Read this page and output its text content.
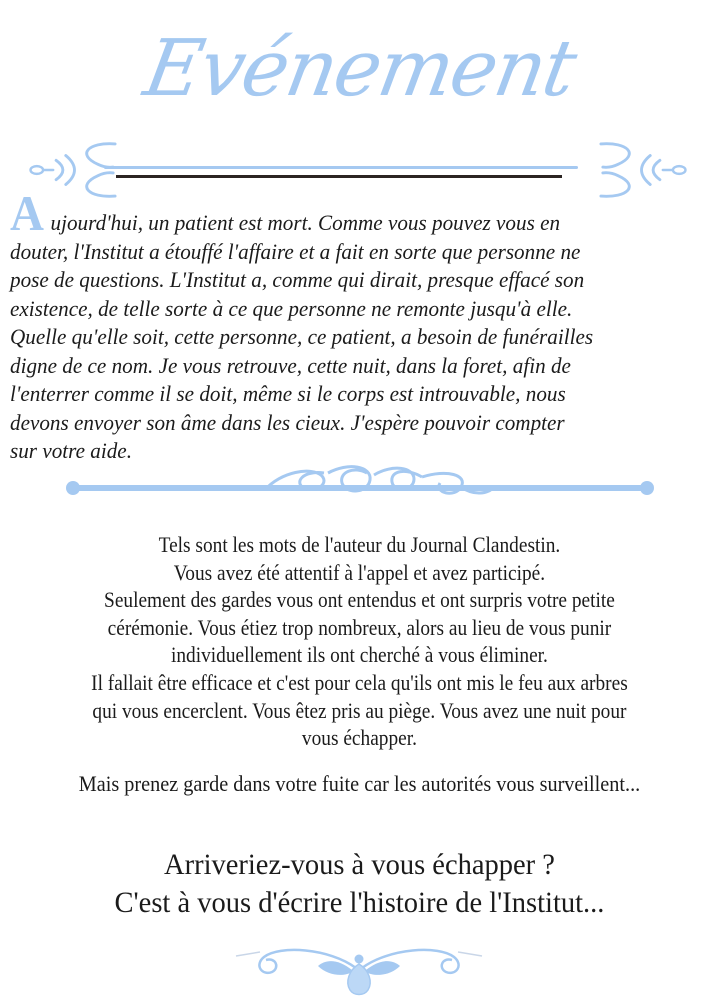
Evénement
Aujourd'hui, un patient est mort. Comme vous pouvez vous en
douter, l'Institut a étouffé l'affaire et a fait en sorte que personne ne
pose de questions. L'Institut a, comme qui dirait, presque effacé son
existence, de telle sorte à ce que personne ne remonte jusqu'à elle.
Quelle qu'elle soit, cette personne, ce patient, a besoin de funérailles
digne de ce nom. Je vous retrouve, cette nuit, dans la foret, afin de
l'enterrer comme il se doit, même si le corps est introuvable, nous
devons envoyer son âme dans les cieux. J'espère pouvoir compter
sur votre aide.
Tels sont les mots de l'auteur du Journal Clandestin.
Vous avez été attentif à l'appel et avez participé.
Seulement des gardes vous ont entendus et ont surpris votre petite
cérémonie. Vous étiez trop nombreux, alors au lieu de vous punir
individuellement ils ont cherché à vous éliminer.
Il fallait être efficace et c'est pour cela qu'ils ont mis le feu aux arbres
qui vous encerclent. Vous êtez pris au piège. Vous avez une nuit pour
vous échapper.
Mais prenez garde dans votre fuite car les autorités vous surveillent...
Arriveriez-vous à vous échapper ?
C'est à vous d'écrire l'histoire de l'Institut...
